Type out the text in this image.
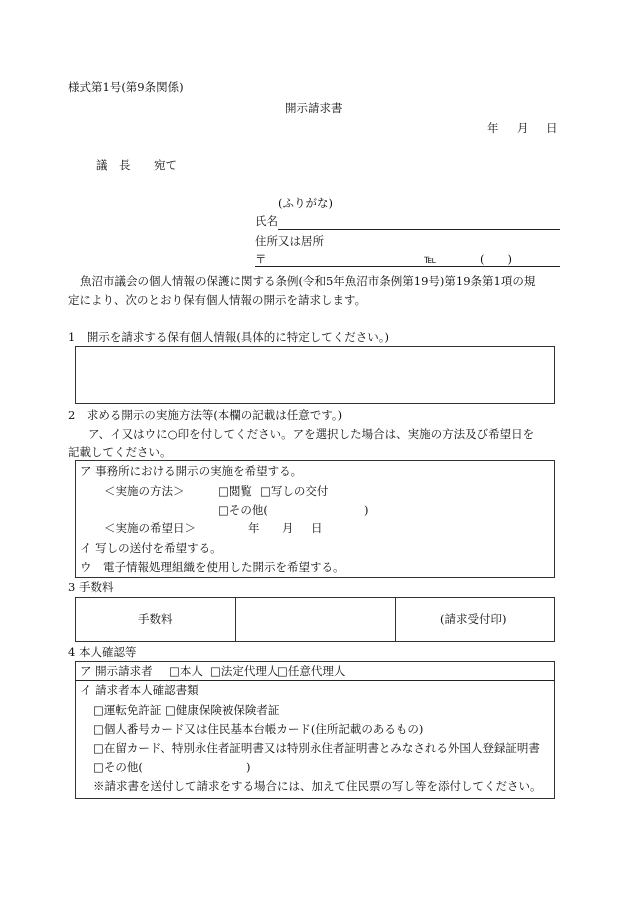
様式第1号(第9条関係)
開示請求書
年 月 日
議　長 宛て
(ふりがな)
氏名
住所又は居所
〒	℡	(　　)
魚沼市議会の個人情報の保護に関する条例(令和5年魚沼市条例第19号)第19条第1項の規
定により、次のとおり保有個人情報の開示を請求します。
1　開示を請求する保有個人情報(具体的に特定してください。)
2　求める開示の実施方法等(本欄の記載は任意です。)
ア、イ又はウに○印を付してください。アを選択した場合は、実施の方法及び希望日を
記載してください。
ア 事務所における開示の実施を希望する。
＜実施の方法＞	□閲覧 □写しの交付
□その他(	)
＜実施の希望日＞	年 月 日
イ 写しの送付を希望する。
ウ　電子情報処理組織を使用した開示を希望する。
3 手数料
手数料	(請求受付印)
4 本人確認等
ア 開示請求者 □本人 □法定代理人
□任意代理人
イ 請求者本人確認書類
□運転免許証 □健康保険被保険者証
□個人番号カード又は住民基本台帳カード(住所記載のあるもの)
□在留カード、特別永住者証明書又は特別永住者証明書とみなされる外国人登録証明書
□その他(	)
※請求書を送付して請求をする場合には、加えて住民票の写し等を添付してください。
